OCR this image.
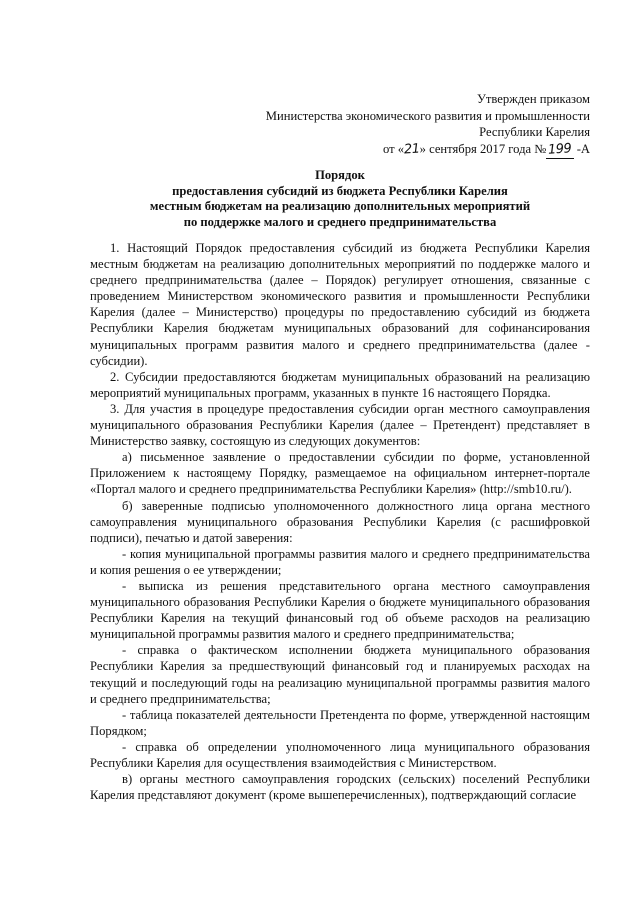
Утвержден приказом
Министерства экономического развития и промышленности
Республики Карелия
от «21» сентября 2017 года №199 -А
Порядок
предоставления субсидий из бюджета Республики Карелия
местным бюджетам на реализацию дополнительных мероприятий
по поддержке малого и среднего предпринимательства

1. Настоящий Порядок предоставления субсидий из бюджета Республики Карелия местным бюджетам на реализацию дополнительных мероприятий по поддержке малого и среднего предпринимательства (далее – Порядок) регулирует отношения, связанные с проведением Министерством экономического развития и промышленности Республики Карелия (далее – Министерство) процедуры по предоставлению субсидий из бюджета Республики Карелия бюджетам муниципальных образований для софинансирования муниципальных программ развития малого и среднего предпринимательства (далее - субсидии).

2. Субсидии предоставляются бюджетам муниципальных образований на реализацию мероприятий муниципальных программ, указанных в пункте 16 настоящего Порядка.

3. Для участия в процедуре предоставления субсидии орган местного самоуправления муниципального образования Республики Карелия (далее – Претендент) представляет в Министерство заявку, состоящую из следующих документов:

а) письменное заявление о предоставлении субсидии по форме, установленной Приложением к настоящему Порядку, размещаемое на официальном интернет-портале «Портал малого и среднего предпринимательства Республики Карелия» (http://smb10.ru/).

б) заверенные подписью уполномоченного должностного лица органа местного самоуправления муниципального образования Республики Карелия (с расшифровкой подписи), печатью и датой заверения:

- копия муниципальной программы развития малого и среднего предпринимательства и копия решения о ее утверждении;

- выписка из решения представительного органа местного самоуправления муниципального образования Республики Карелия о бюджете муниципального образования Республики Карелия на текущий финансовый год об объеме расходов на реализацию муниципальной программы развития малого и среднего предпринимательства;

- справка о фактическом исполнении бюджета муниципального образования Республики Карелия за предшествующий финансовый год и планируемых расходах на текущий и последующий годы на реализацию муниципальной программы развития малого и среднего предпринимательства;

- таблица показателей деятельности Претендента по форме, утвержденной настоящим Порядком;

- справка об определении уполномоченного лица муниципального образования Республики Карелия для осуществления взаимодействия с Министерством.

в) органы местного самоуправления городских (сельских) поселений Республики Карелия представляют документ (кроме вышеперечисленных), подтверждающий согласие
